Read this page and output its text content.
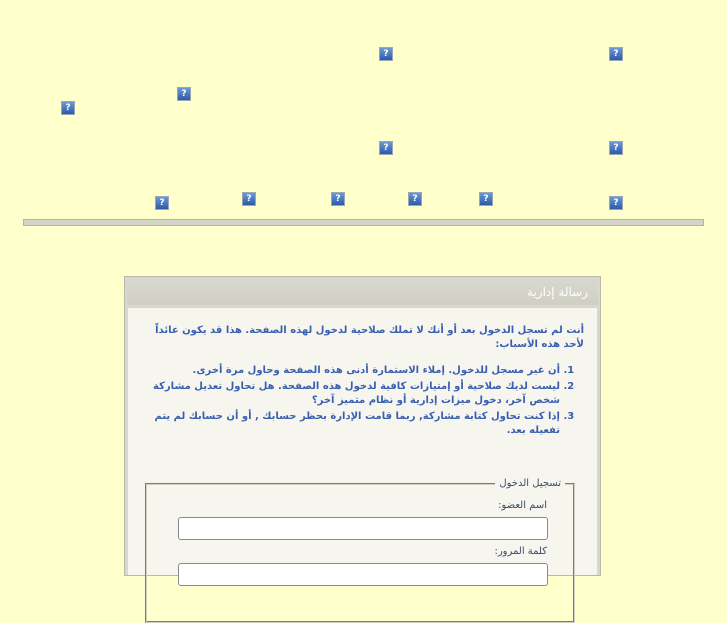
?	?
?
?
?	?
?	?	?	?
?	?
رسالة إدارية

أنت لم تسجل الدخول بعد أو أنك لا تملك صلاحية لدخول لهذه الصفحة. هذا قد يكون عائداً لأحد هذه الأسباب:

1. أن غير مسجل للدخول. إملاء الاستمارة أدنى هذه الصفحة وحاول مرة أخرى.
2. ليست لديك صلاحية أو إمتيازات كافية لدخول هذه الصفحة. هل تحاول تعديل مشاركة شخص آخر، دخول ميزات إدارية أو نظام متميز آخر؟
3. إذا كنت تحاول كتابة مشاركة, ربما قامت الإدارة بحظر حسابك , أو أن حسابك لم يتم تفعيله بعد.
تسجيل الدخول
اسم العضو:
كلمة المرور:
